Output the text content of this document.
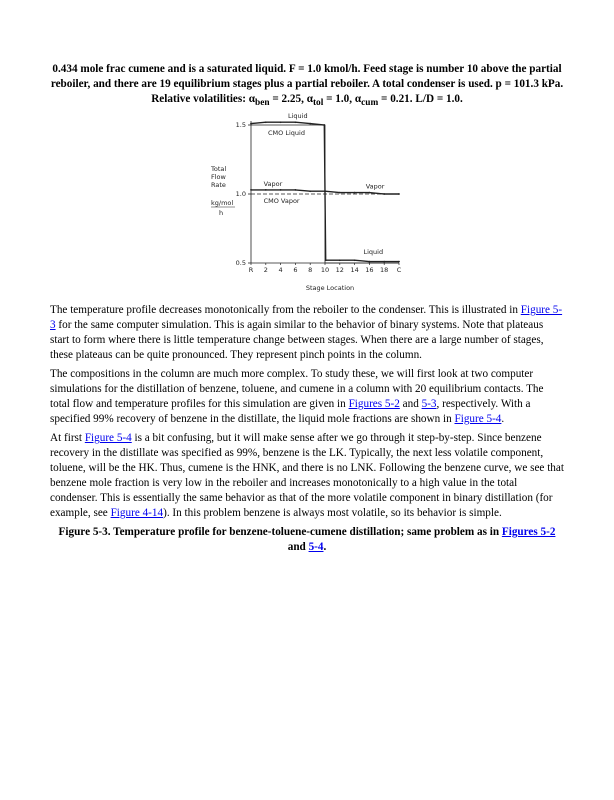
0.434 mole frac cumene and is a saturated liquid. F = 1.0 kmol/h. Feed stage is number 10 above the partial reboiler, and there are 19 equilibrium stages plus a partial reboiler. A total condenser is used. p = 101.3 kPa. Relative volatilities: $\alpha_{ben} = 2.25$, $\alpha_{tol} = 1.0$, $\alpha_{cum} = 0.21$. L/D = 1.0.

1.5
1.0
0.5
R 2 4 6 8 10 12 14 16 18 C
Stage Location
Total
Flow
Rate
kg/mol
h
Liquid
CMO Liquid
Vapor
CMO Vapor
Vapor
Liquid

The temperature profile decreases monotonically from the reboiler to the condenser. This is illustrated in Figure 5-3 for the same computer simulation. This is again similar to the behavior of binary systems. Note that plateaus start to form where there is little temperature change between stages. When there are a large number of stages, these plateaus can be quite pronounced. They represent pinch points in the column.

The compositions in the column are much more complex. To study these, we will first look at two computer simulations for the distillation of benzene, toluene, and cumene in a column with 20 equilibrium contacts. The total flow and temperature profiles for this simulation are given in Figures 5-2 and 5-3, respectively. With a specified 99% recovery of benzene in the distillate, the liquid mole fractions are shown in Figure 5-4.

At first Figure 5-4 is a bit confusing, but it will make sense after we go through it step-by-step. Since benzene recovery in the distillate was specified as 99%, benzene is the LK. Typically, the next less volatile component, toluene, will be the HK. Thus, cumene is the HNK, and there is no LNK. Following the benzene curve, we see that benzene mole fraction is very low in the reboiler and increases monotonically to a high value in the total condenser. This is essentially the same behavior as that of the more volatile component in binary distillation (for example, see Figure 4-14). In this problem benzene is always most volatile, so its behavior is simple.

Figure 5-3. Temperature profile for benzene-toluene-cumene distillation; same problem as in Figures 5-2 and 5-4.
